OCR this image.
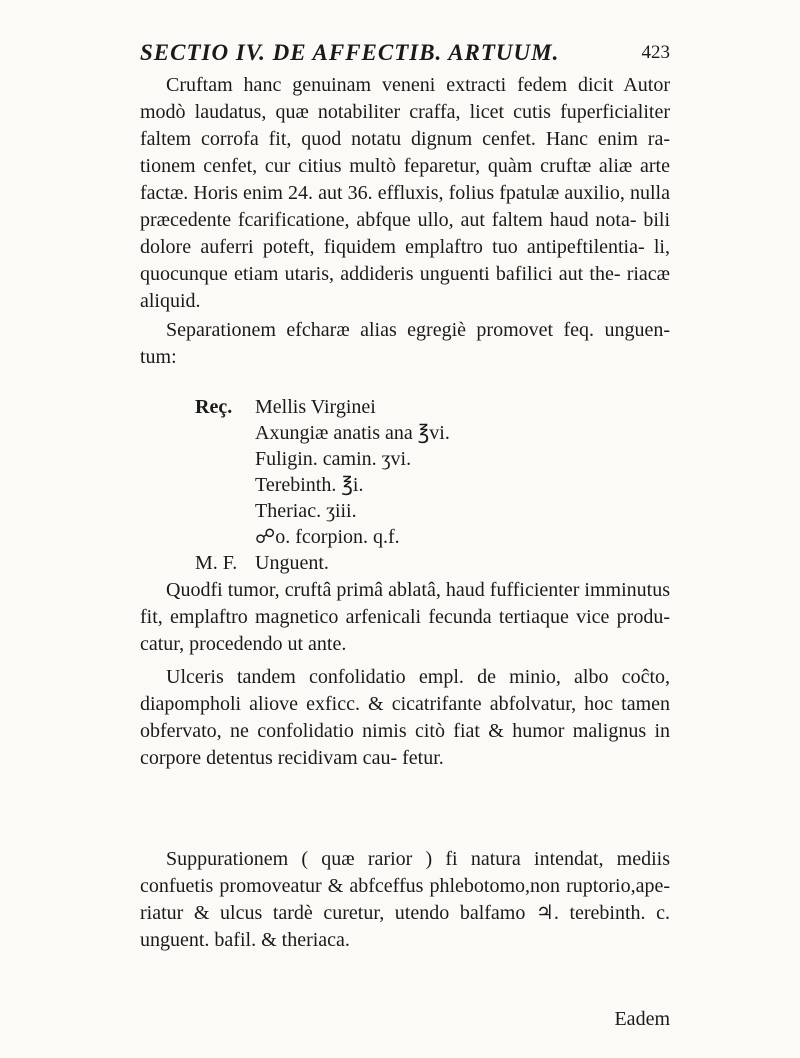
SECTIO IV. DE AFFECTIB. ARTUUM.	423

Cruftam hanc genuinam veneni extracti fedem dicit Autor modò laudatus, quæ notabiliter craffa, licet cutis fuperficialiter faltem corrofa fit, quod notatu dignum cenfet. Hanc enim ra- tionem cenfet, cur citius multò feparetur, quàm cruftæ aliæ arte factæ. Horis enim 24. aut 36. effluxis, folius fpatulæ auxilio, nulla præcedente fcarificatione, abfque ullo, aut faltem haud nota- bili dolore auferri poteft, fiquidem emplaftro tuo antipeftilentia- li, quocunque etiam utaris, addideris unguenti bafilici aut the- riacæ aliquid.

Separationem efcharæ alias egregiè promovet feq. unguen- tum:

Reç. Mellis Virginei
Axungiæ anatis ana ℥vi.
Fuligin. camin. ʒvi.
Terebinth. ℥i.
Theriac. ʒiii.
☍o. fcorpion. q.f.
M. F. Unguent.

Quodfi tumor, cruftâ primâ ablatâ, haud fufficienter imminutus fit, emplaftro magnetico arfenicali fecunda tertiaque vice produ- catur, procedendo ut ante.

Ulceris tandem confolidatio empl. de minio, albo coĉto, diapompholi aliove exficc. & cicatrifante abfolvatur, hoc tamen obfervato, ne confolidatio nimis citò fiat & humor malignus in corpore detentus recidivam cau- fetur.

Suppurationem ( quæ rarior ) fi natura intendat, mediis confuetis promoveatur & abfceffus phlebotomo,non ruptorio,ape- riatur & ulcus tardè curetur, utendo balfamo ♃. terebinth. c. unguent. bafil. & theriaca.

Eadem
